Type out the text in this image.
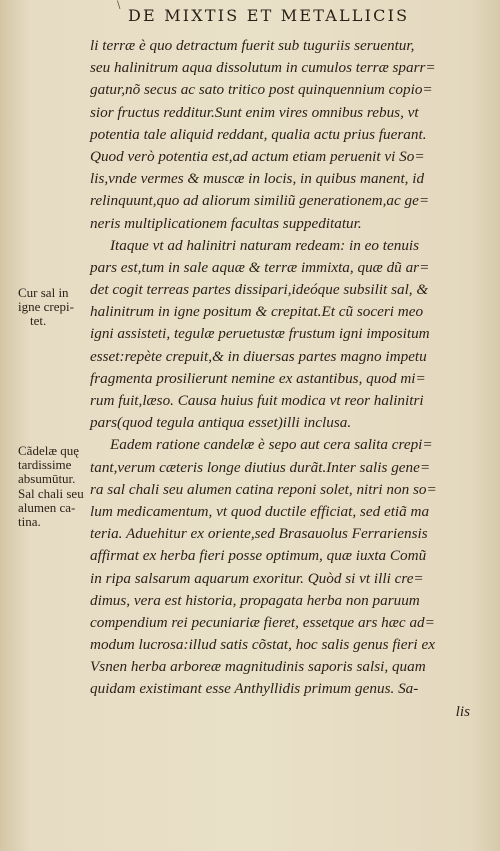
\
DE MIXTIS ET METALLICIS
li terræ è quo detractum fuerit sub tuguriis seruentur,
seu halinitrum aqua dissolutum in cumulos terræ sparr=
gatur,nõ secus ac sato tritico post quinquennium copio=
sior fructus redditur.Sunt enim vires omnibus rebus, vt
potentia tale aliquid reddant, qualia actu prius fuerant.
Quod verò potentia est,ad actum etiam peruenit vi So=
lis,vnde vermes & muscæ in locis, in quibus manent, id
relinquunt,quo ad aliorum similiũ generationem,ac ge=
neris multiplicationem facultas suppeditatur.
Itaque vt ad halinitri naturam redeam: in eo tenuis
pars est,tum in sale aquæ & terræ immixta, quæ dũ ar=
det cogit terreas partes dissipari,ideóque subsilit sal, &
halinitrum in igne positum & crepitat.Et cũ soceri meo
igni assisteti, tegulæ peruetustæ frustum igni impositum
esset:repète crepuit,& in diuersas partes magno impetu
fragmenta prosilierunt nemine ex astantibus, quod mi=
rum fuit,læso. Causa huius fuit modica vt reor halinitri
pars(quod tegula antiqua esset)illi inclusa.
Eadem ratione candelæ è sepo aut cera salita crepi=
tant,verum cæteris longe diutius durãt.Inter salis gene=
ra sal chali seu alumen catina reponi solet, nitri non so=
lum medicamentum, vt quod ductile efficiat, sed etiã ma
teria. Aduehitur ex oriente,sed Brasauolus Ferrariensis
affirmat ex herba fieri posse optimum, quæ iuxta Comũ
in ripa salsarum aquarum exoritur. Quòd si vt illi cre=
dimus, vera est historia, propagata herba non paruum
compendium rei pecuniariæ fieret, essetque ars hæc ad=
modum lucrosa:illud satis cõstat, hoc salis genus fieri ex
Vsnen herba arboreæ magnitudinis saporis salsi, quam
quidam existimant esse Anthyllidis primum genus. Sa-
lis
Cur sal in
igne crepi-
tet.
Cãdelæ quę
tardissime
absumūtur.
Sal chali seu
alumen ca-
tina.
